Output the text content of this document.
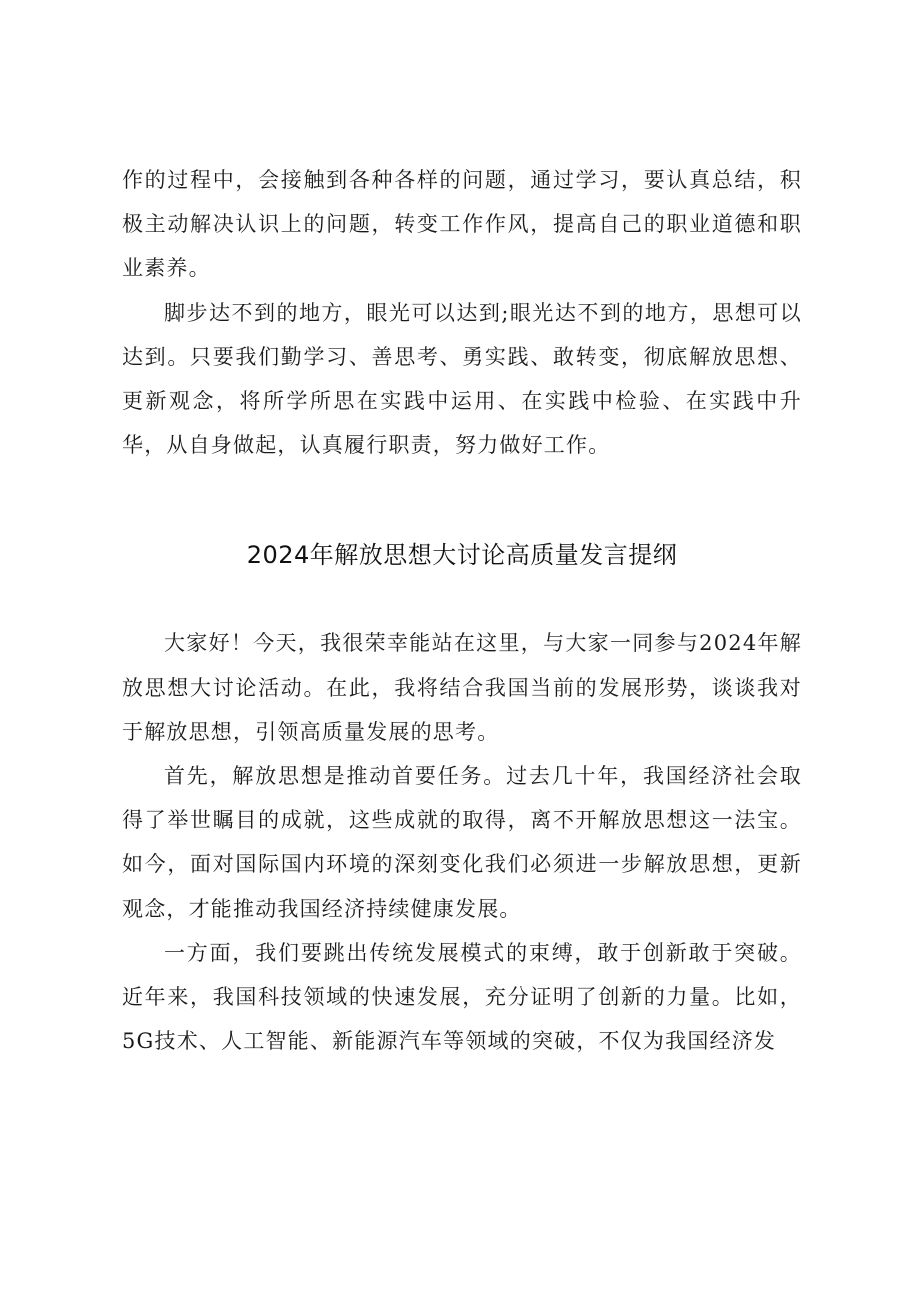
作的过程中，会接触到各种各样的问题，通过学习，要认真总结，积极主动解决认识上的问题，转变工作作风，提高自己的职业道德和职业素养。

脚步达不到的地方，眼光可以达到;眼光达不到的地方，思想可以达到。只要我们勤学习、善思考、勇实践、敢转变，彻底解放思想、更新观念，将所学所思在实践中运用、在实践中检验、在实践中升华，从自身做起，认真履行职责，努力做好工作。

2024年解放思想大讨论高质量发言提纲

大家好！今天，我很荣幸能站在这里，与大家一同参与2024年解放思想大讨论活动。在此，我将结合我国当前的发展形势，谈谈我对于解放思想，引领高质量发展的思考。

首先，解放思想是推动首要任务。过去几十年，我国经济社会取得了举世瞩目的成就，这些成就的取得，离不开解放思想这一法宝。如今，面对国际国内环境的深刻变化我们必须进一步解放思想，更新观念，才能推动我国经济持续健康发展。

一方面，我们要跳出传统发展模式的束缚，敢于创新敢于突破。近年来，我国科技领域的快速发展，充分证明了创新的力量。比如，5G技术、人工智能、新能源汽车等领域的突破，不仅为我国经济发
